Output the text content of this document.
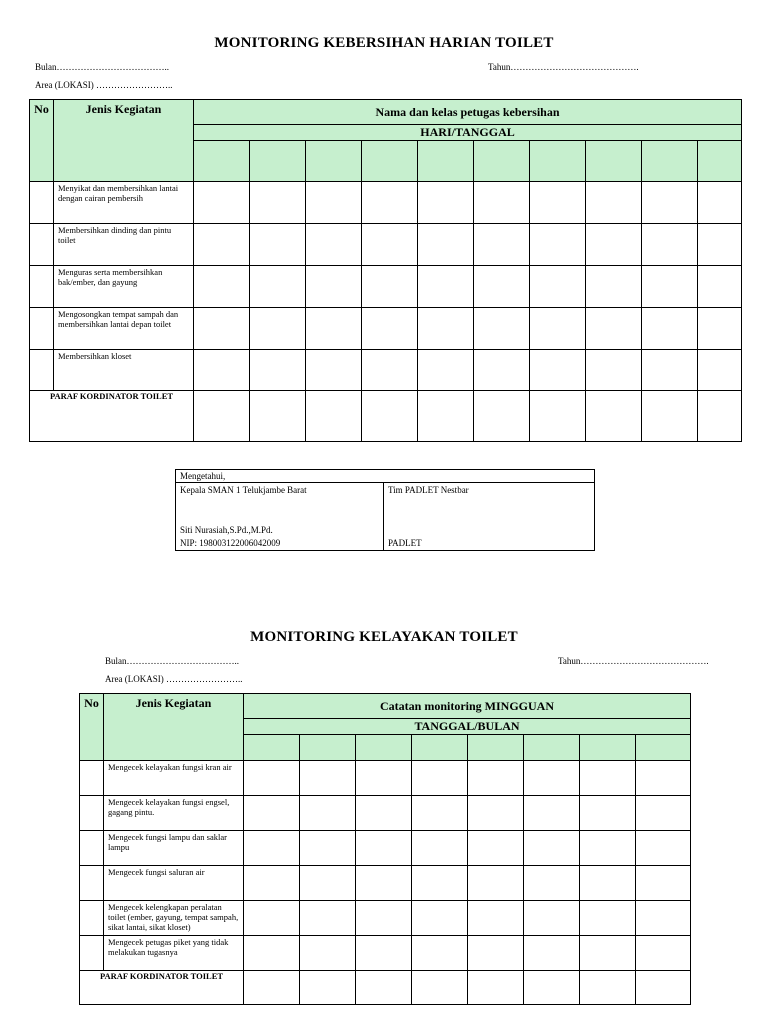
MONITORING KEBERSIHAN HARIAN TOILET
Bulan………………………………..	Tahun…………………………………….
Area (LOKASI) ……………………..
No	Jenis Kegiatan	Nama dan kelas petugas kebersihan									
		HARI/TANGGAL									

	Menyikat dan membersihkan lantai dengan cairan pembersih										
	Membersihkan dinding dan pintu toilet										
	Menguras serta membersihkan bak/ember, dan gayung										
	Mengosongkan tempat sampah dan membersihkan lantai depan toilet										
	Membersihkan kloset										
PARAF KORDINATOR TOILET											
Mengetahui,

Kepala SMAN 1 Telukjambe Barat
Siti Nurasiah,S.Pd.,M.Pd.
NIP: 198003122006042009

Tim PADLET Nestbar
PADLET
MONITORING KELAYAKAN TOILET
Bulan………………………………..	Tahun…………………………………….
Area (LOKASI) ……………………..
No	Jenis Kegiatan	Catatan monitoring MINGGUAN							
		TANGGAL/BULAN							

	Mengecek kelayakan fungsi kran air								
	Mengecek kelayakan fungsi engsel, gagang pintu.								
	Mengecek fungsi lampu dan saklar lampu								
	Mengecek fungsi saluran air								
	Mengecek kelengkapan peralatan toilet (ember, gayung, tempat sampah, sikat lantai, sikat kloset)								
	Mengecek petugas piket yang tidak melakukan tugasnya								
PARAF KORDINATOR TOILET									
